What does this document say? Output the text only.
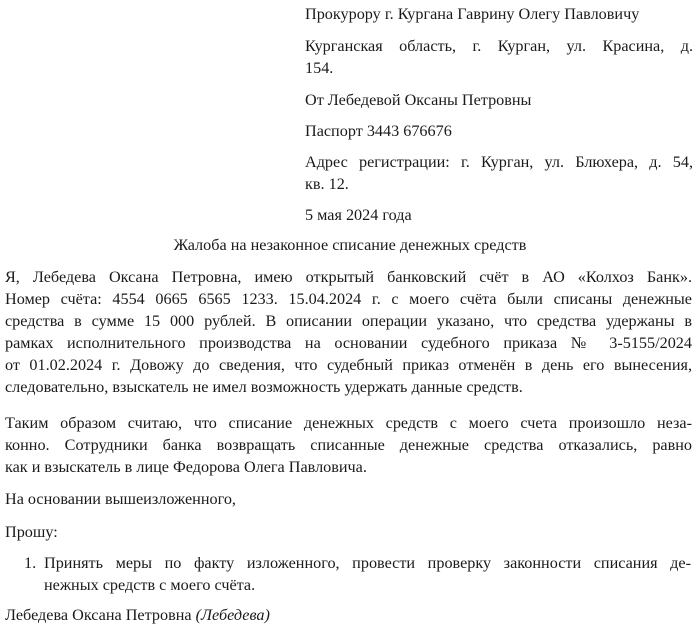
Прокурору г. Кургана Гаврину Олегу Павловичу

Курганская область, г. Курган, ул. Красина, д.
154.

От Лебедевой Оксаны Петровны

Паспорт 3443 676676

Адрес регистрации: г. Курган, ул. Блюхера, д. 54,
кв. 12.

5 мая 2024 года

Жалоба на незаконное списание денежных средств

Я, Лебедева Оксана Петровна, имею открытый банковский счёт в АО «Колхоз Банк».
Номер счёта: 4554 0665 6565 1233. 15.04.2024 г. с моего счёта были списаны денежные
средства в сумме 15 000 рублей. В описании операции указано, что средства удержаны в
рамках исполнительного производства на основании судебного приказа № 3-5155/2024
от 01.02.2024 г. Довожу до сведения, что судебный приказ отменён в день его вынесения,
следовательно, взыскатель не имел возможность удержать данные средств.
Таким образом считаю, что списание денежных средств с моего счета произошло неза-
конно. Сотрудники банка возвращать списанные денежные средства отказались, равно
как и взыскатель в лице Федорова Олега Павловича.

На основании вышеизложенного,

Прошу:

1. Принять меры по факту изложенного, провести проверку законности списания де-
нежных средств с моего счёта.

Лебедева Оксана Петровна (Лебедева)
